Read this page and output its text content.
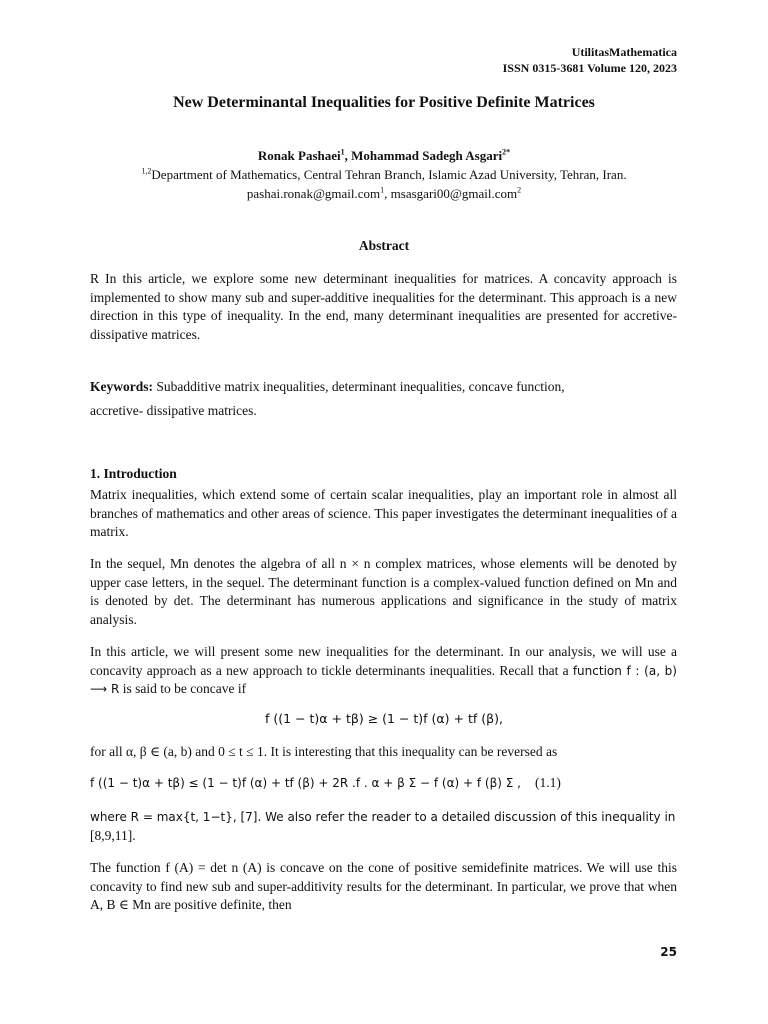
UtilitasMathematica
ISSN 0315-3681 Volume 120, 2023
New Determinantal Inequalities for Positive Definite Matrices
Ronak Pashaei$^1$, Mohammad Sadegh Asgari$^{2*}$
$^{1,2}$Department of Mathematics, Central Tehran Branch, Islamic Azad University, Tehran, Iran.
pashai.ronak@gmail.com$^1$, msasgari00@gmail.com$^2$
Abstract

R In this article, we explore some new determinant inequalities for matrices. A concavity approach is implemented to show many sub and super-additive inequalities for the determinant. This approach is a new direction in this type of inequality. In the end, many determinant inequalities are presented for accretive-dissipative matrices.

Keywords: Subadditive matrix inequalities, determinant inequalities, concave function,
accretive- dissipative matrices.

1. Introduction

Matrix inequalities, which extend some of certain scalar inequalities, play an important role in almost all branches of mathematics and other areas of science. This paper investigates the determinant inequalities of a matrix.

In the sequel, Mn denotes the algebra of all n × n complex matrices, whose elements will be denoted by upper case letters, in the sequel. The determinant function is a complex-valued function defined on Mn and is denoted by det. The determinant has numerous applications and significance in the study of matrix analysis.

In this article, we will present some new inequalities for the determinant. In our analysis, we will use a concavity approach as a new approach to tickle determinants inequalities. Recall that a function f : (a, b) ⟶ R is said to be concave if

f ((1 − t)α + tβ) ≥ (1 − t)f (α) + tf (β),

for all α, β ∈ (a, b) and 0 ≤ t ≤ 1. It is interesting that this inequality can be reversed as

f ((1 − t)α + tβ) ≤ (1 − t)f (α) + tf (β) + 2R .f . α + β Σ − f (α) + f (β) Σ , (1.1)

where R = max{t, 1−t}, [7]. We also refer the reader to a detailed discussion of this inequality in
[8,9,11].

The function f (A) = det n (A) is concave on the cone of positive semidefinite matrices. We will use this concavity to find new sub and super-additivity results for the determinant. In particular, we prove that when A, B ∈ Mn are positive definite, then

25
